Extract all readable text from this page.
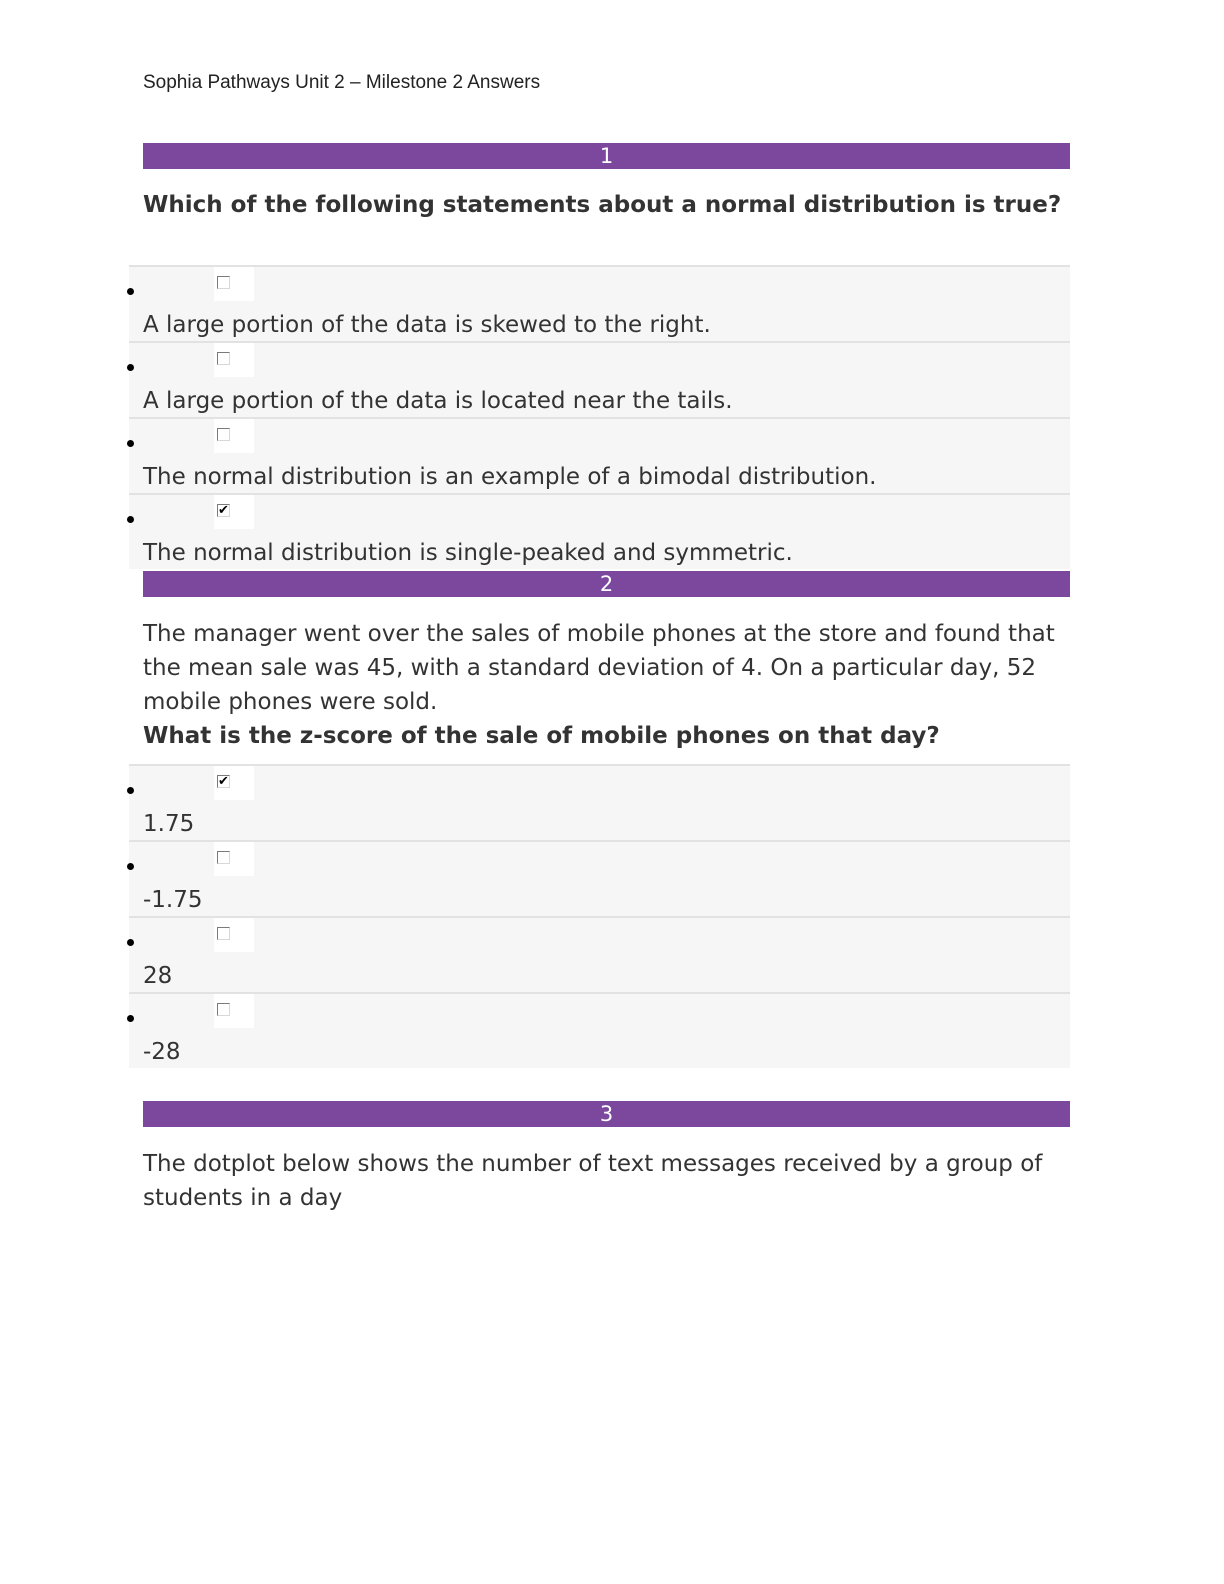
Sophia Pathways Unit 2 – Milestone 2 Answers
1
Which of the following statements about a normal distribution is true?
A large portion of the data is skewed to the right.
A large portion of the data is located near the tails.
The normal distribution is an example of a bimodal distribution.
✔
The normal distribution is single-peaked and symmetric.
2
The manager went over the sales of mobile phones at the store and found that the mean sale was 45, with a standard deviation of 4. On a particular day, 52 mobile phones were sold.
What is the z-score of the sale of mobile phones on that day?
✔
1.75
-1.75
28
-28
3
The dotplot below shows the number of text messages received by a group of students in a day
